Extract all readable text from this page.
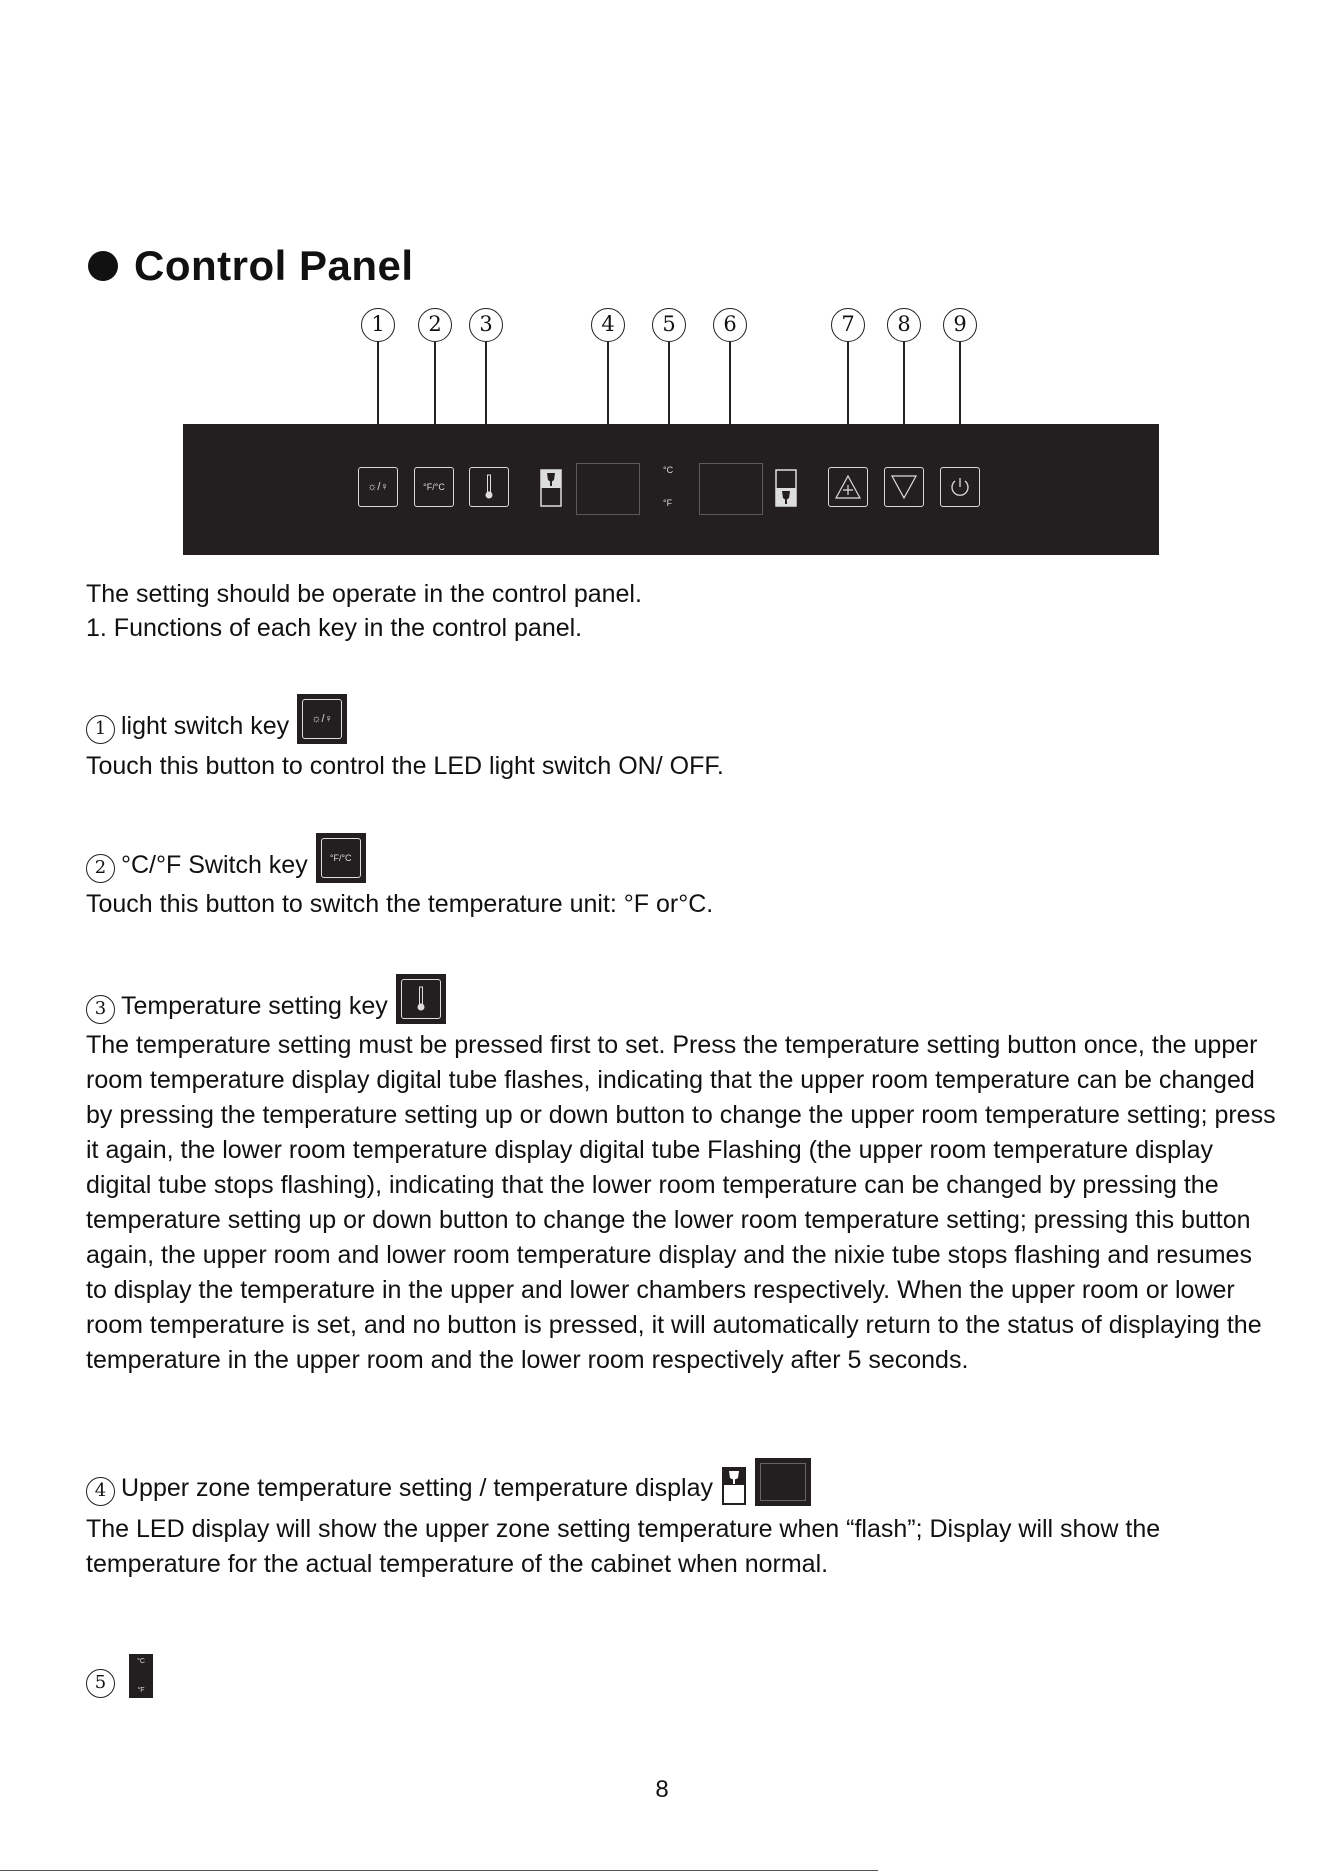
Control Panel
1	2	3	4	5	6	7	8	9
☼/♀	°F/°C
°C
°F

The setting should be operate in the control panel.

1. Functions of each key in the control panel.

1 light switch key	☼/♀

Touch this button to control the LED light switch ON/ OFF.

2 °C/°F Switch key	°F/°C

Touch this button to switch the temperature unit: °F or°C.

3 Temperature setting key

The temperature setting must be pressed first to set. Press the temperature setting button once, the upper room temperature display digital tube flashes, indicating that the upper room temperature can be changed by pressing the temperature setting up or down button to change the upper room temperature setting; press it again, the lower room temperature display digital tube Flashing (the upper room temperature display digital tube stops flashing), indicating that the lower room temperature can be changed by pressing the temperature setting up or down button to change the lower room temperature setting; pressing this button again, the upper room and lower room temperature display and the nixie tube stops flashing and resumes to display the temperature in the upper and lower chambers respectively. When the upper room or lower room temperature is set, and no button is pressed, it will automatically return to the status of displaying the temperature in the upper room and the lower room respectively after 5 seconds.

4 Upper zone temperature setting / temperature display

The LED display will show the upper zone setting temperature when “flash”; Display will show the temperature for the actual temperature of the cabinet when normal.

5
°C
°F
8
